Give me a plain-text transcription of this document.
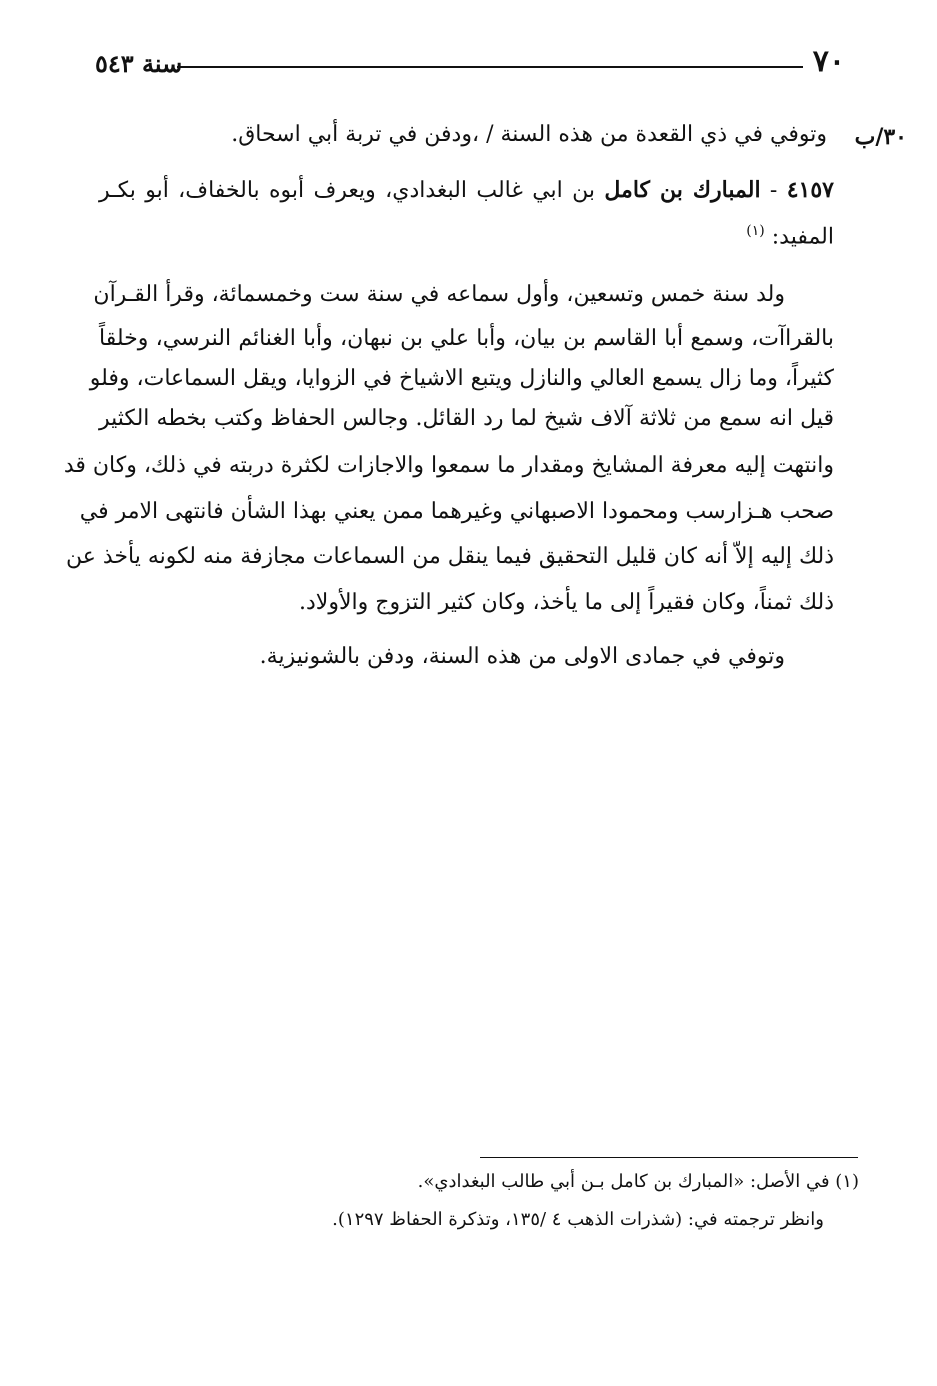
٧٠
سنة ٥٤٣
٣٠/ب
وتوفي في ذي القعدة من هذه السنة / ،ودفن في تربة أبي اسحاق.
٤١٥٧ - المبارك بن كامل بن ابي غالب البغدادي، ويعرف أبوه بالخفاف، أبو بكـر
المفيد: $^{(١)}$
ولد سنة خمس وتسعين، وأول سماعه في سنة ست وخمسمائة، وقرأ القـرآن
بالقراآت، وسمع أبا القاسم بن بيان، وأبا علي بن نبهان، وأبا الغنائم النرسي، وخلقاً
كثيراً، وما زال يسمع العالي والنازل ويتبع الاشياخ في الزوايا، ويقل السماعات، وفلو
قيل انه سمع من ثلاثة آلاف شيخ لما رد القائل. وجالس الحفاظ وكتب بخطه الكثير
وانتهت إليه معرفة المشايخ ومقدار ما سمعوا والاجازات لكثرة دربته في ذلك، وكان قد
صحب هـزارسب ومحمودا الاصبهاني وغيرهما ممن يعني بهذا الشأن فانتهى الامر في
ذلك إليه إلاّ أنه كان قليل التحقيق فيما ينقل من السماعات مجازفة منه لكونه يأخذ عن
ذلك ثمناً، وكان فقيراً إلى ما يأخذ، وكان كثير التزوج والأولاد.
وتوفي في جمادى الاولى من هذه السنة، ودفن بالشونيزية.
(١) في الأصل: «المبارك بن كامل بـن أبي طالب البغدادي».
وانظر ترجمته في: (شذرات الذهب ٤ /١٣٥، وتذكرة الحفاظ ١٢٩٧).
